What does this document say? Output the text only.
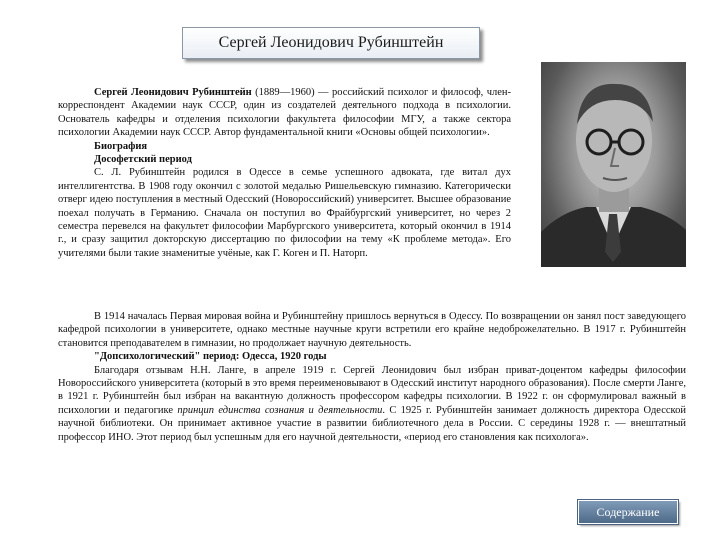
Сергей Леонидович Рубинштейн

Сергей Леонидович Рубинштейн (1889—1960) — российский психолог и философ, член-корреспондент Академии наук СССР, один из создателей деятельного подхода в психологии. Основатель кафедры и отделения психологии факультета философии МГУ, а также сектора психологии Академии наук СССР. Автор фундаментальной книги «Основы общей психологии».

Биография

Дософетский период

С. Л. Рубинштейн родился в Одессе в семье успешного адвоката, где витал дух интеллигентства. В 1908 году окончил с золотой медалью Ришельевскую гимназию. Категорически отверг идею поступления в местный Одесский (Новороссийский) университет. Высшее образование поехал получать в Германию. Сначала он поступил во Фрайбургский университет, но через 2 семестра перевелся на факультет философии Марбургского университета, который окончил в 1914 г., и сразу защитил докторскую диссертацию по философии на тему «К проблеме метода». Его учителями были такие знаменитые учёные, как Г. Коген и П. Наторп.

В 1914 началась Первая мировая война и Рубинштейну пришлось вернуться в Одессу. По возвращении он занял пост заведующего кафедрой психологии в университете, однако местные научные круги встретили его крайне недоброжелательно. В 1917 г. Рубинштейн становится преподавателем в гимназии, но продолжает научную деятельность.

"Допсихологический" период: Одесса, 1920 годы

Благодаря отзывам Н.Н. Ланге, в апреле 1919 г. Сергей Леонидович был избран приват-доцентом кафедры философии Новороссийского университета (который в это время переименовывают в Одесский институт народного образования). После смерти Ланге, в 1921 г. Рубинштейн был избран на вакантную должность профессором кафедры психологии. В 1922 г. он сформулировал важный в психологии и педагогике принцип единства сознания и деятельности. С 1925 г. Рубинштейн занимает должность директора Одесской научной библиотеки. Он принимает активное участие в развитии библиотечного дела в России. С середины 1928 г. — внештатный профессор ИНО. Этот период был успешным для его научной деятельности, «период его становления как психолога».

Содержание
